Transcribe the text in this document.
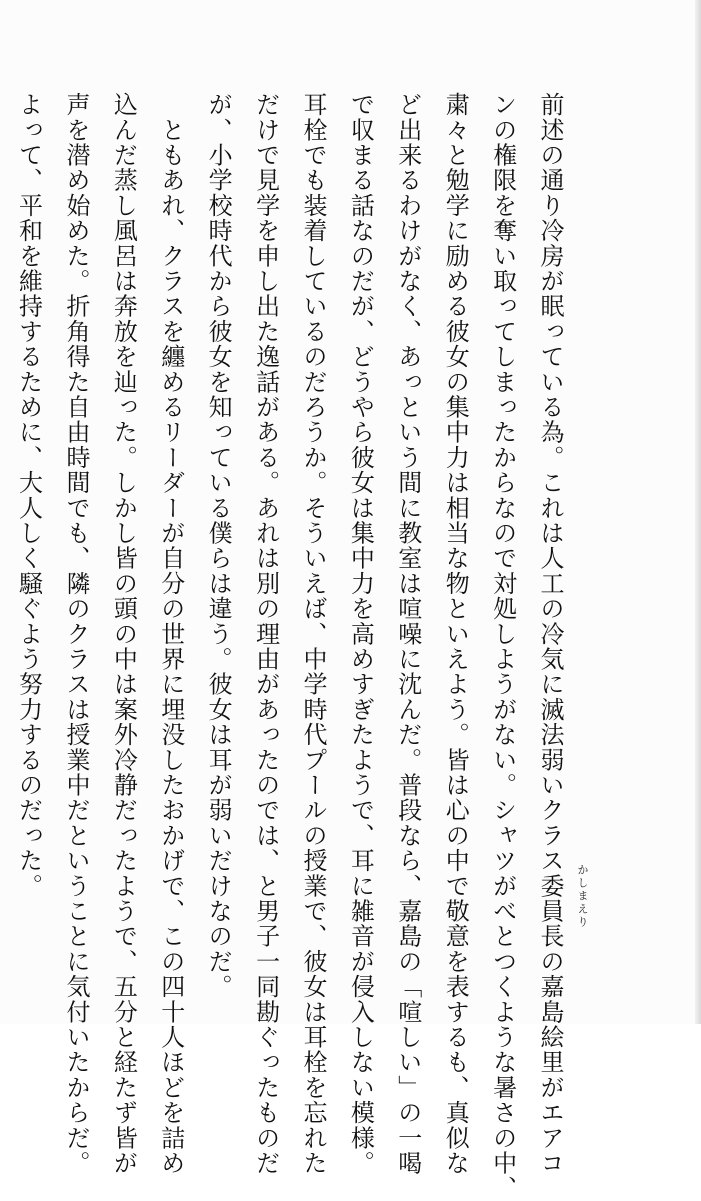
前述の通り冷房が眠っている為。これは人工の冷気に滅法弱いクラス委員長の嘉島絵里がエアコ
ンの権限を奪い取ってしまったからなので対処しようがない。シャツがべとつくような暑さの中、
粛々と勉学に励める彼女の集中力は相当な物といえよう。皆は心の中で敬意を表するも、真似な
ど出来るわけがなく、あっという間に教室は喧噪に沈んだ。普段なら、嘉島の「喧しい」の一喝
で収まる話なのだが、どうやら彼女は集中力を高めすぎたようで、耳に雑音が侵入しない模様。
耳栓でも装着しているのだろうか。そういえば、中学時代プールの授業で、彼女は耳栓を忘れた
だけで見学を申し出た逸話がある。あれは別の理由があったのでは、と男子一同勘ぐったものだ
が、小学校時代から彼女を知っている僕らは違う。彼女は耳が弱いだけなのだ。
　ともあれ、クラスを纏めるリーダーが自分の世界に埋没したおかげで、この四十人ほどを詰め
込んだ蒸し風呂は奔放を辿った。しかし皆の頭の中は案外冷静だったようで、五分と経たず皆が
声を潜め始めた。折角得た自由時間でも、隣のクラスは授業中だということに気付いたからだ。
よって、平和を維持するために、大人しく騒ぐよう努力するのだった。	かしまえり
